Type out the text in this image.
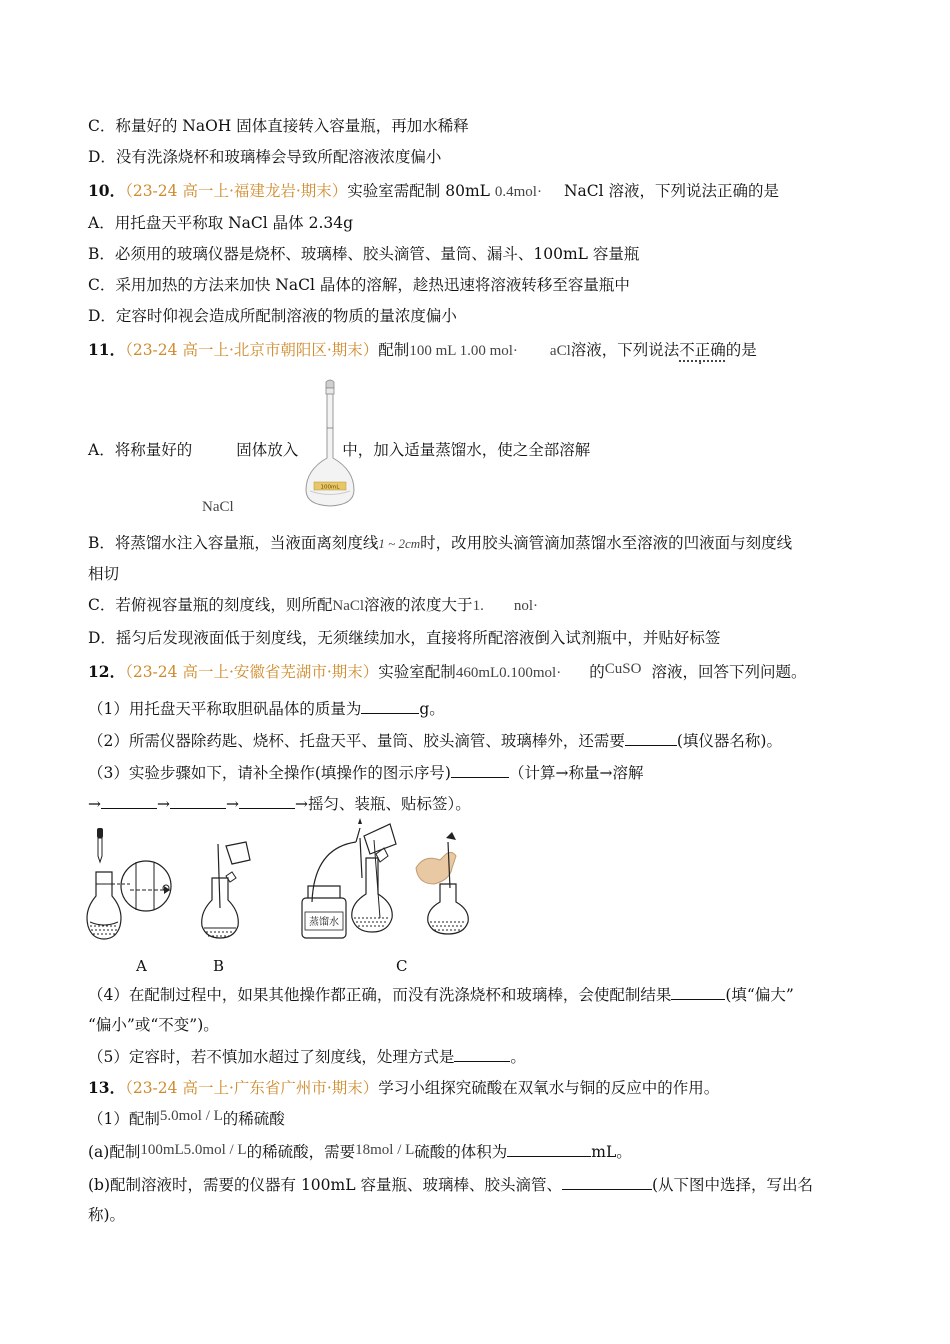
C．称量好的 NaOH 固体直接转入容量瓶，再加水稀释
D．没有洗涤烧杯和玻璃棒会导致所配溶液浓度偏小
10．（23-24 高一上·福建龙岩·期末）实验室需配制 80mL 0.4mol· NaCl 溶液，下列说法正确的是
A．用托盘天平称取 NaCl 晶体 2.34g
B．必须用的玻璃仪器是烧杯、玻璃棒、胶头滴管、量筒、漏斗、100mL 容量瓶
C．采用加热的方法来加快 NaCl 晶体的溶解，趁热迅速将溶液转移至容量瓶中
D．定容时仰视会造成所配制溶液的物质的量浓度偏小
11．（23-24 高一上·北京市朝阳区·期末）配制100 mL 1.00 mol· aCl溶液，下列说法不正确的是
A．将称量好的	固体放入	中，加入适量蒸馏水，使之全部溶解
NaCl
100mL
B．将蒸馏水注入容量瓶，当液面离刻度线1 ~ 2cm时，改用胶头滴管滴加蒸馏水至溶液的凹液面与刻度线
相切
C．若俯视容量瓶的刻度线，则所配NaCl溶液的浓度大于1. nol·
D．摇匀后发现液面低于刻度线，无须继续加水，直接将所配溶液倒入试剂瓶中，并贴好标签
12．（23-24 高一上·安徽省芜湖市·期末）实验室配制460mL0.100mol· 的CuSO 溶液，回答下列问题。
（1）用托盘天平称取胆矾晶体的质量为	g。
（2）所需仪器除药匙、烧杯、托盘天平、量筒、胶头滴管、玻璃棒外，还需要	(填仪器名称)。
（3）实验步骤如下，请补全操作(填操作的图示序号)	（计算→称量→溶解
→	→	→	→摇匀、装瓶、贴标签）。
A	B
蒸馏水
C
（4）在配制过程中，如果其他操作都正确，而没有洗涤烧杯和玻璃棒，会使配制结果	(填“偏大”
“偏小”或“不变”)。
（5）定容时，若不慎加水超过了刻度线，处理方式是	。
13．（23-24 高一上·广东省广州市·期末）学习小组探究硫酸在双氧水与铜的反应中的作用。
（1）配制5.0mol / L的稀硫酸
(a)配制100mL5.0mol / L的稀硫酸，需要18mol / L硫酸的体积为	mL。
(b)配制溶液时，需要的仪器有 100mL 容量瓶、玻璃棒、胶头滴管、	(从下图中选择，写出名
称)。
